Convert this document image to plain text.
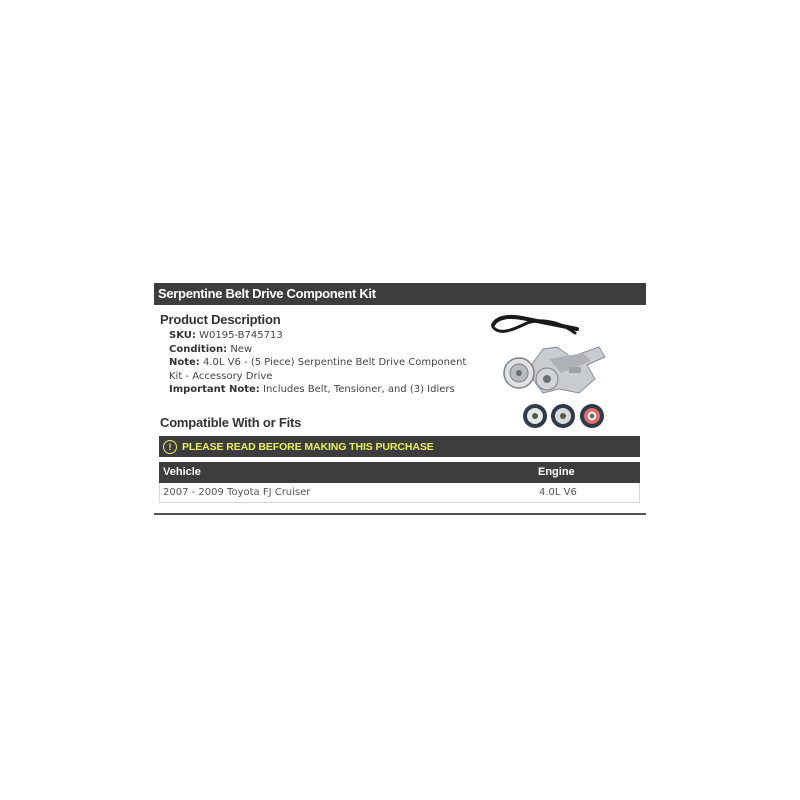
Serpentine Belt Drive Component Kit
Product Description
SKU: W0195-B745713
Condition: New
Note: 4.0L V6 - (5 Piece) Serpentine Belt Drive Component
Kit - Accessory Drive
Important Note: Includes Belt, Tensioner, and (3) Idlers
Compatible With or Fits
!	PLEASE READ BEFORE MAKING THIS PURCHASE
Vehicle	Engine
2007 - 2009 Toyota FJ Cruiser	4.0L V6
